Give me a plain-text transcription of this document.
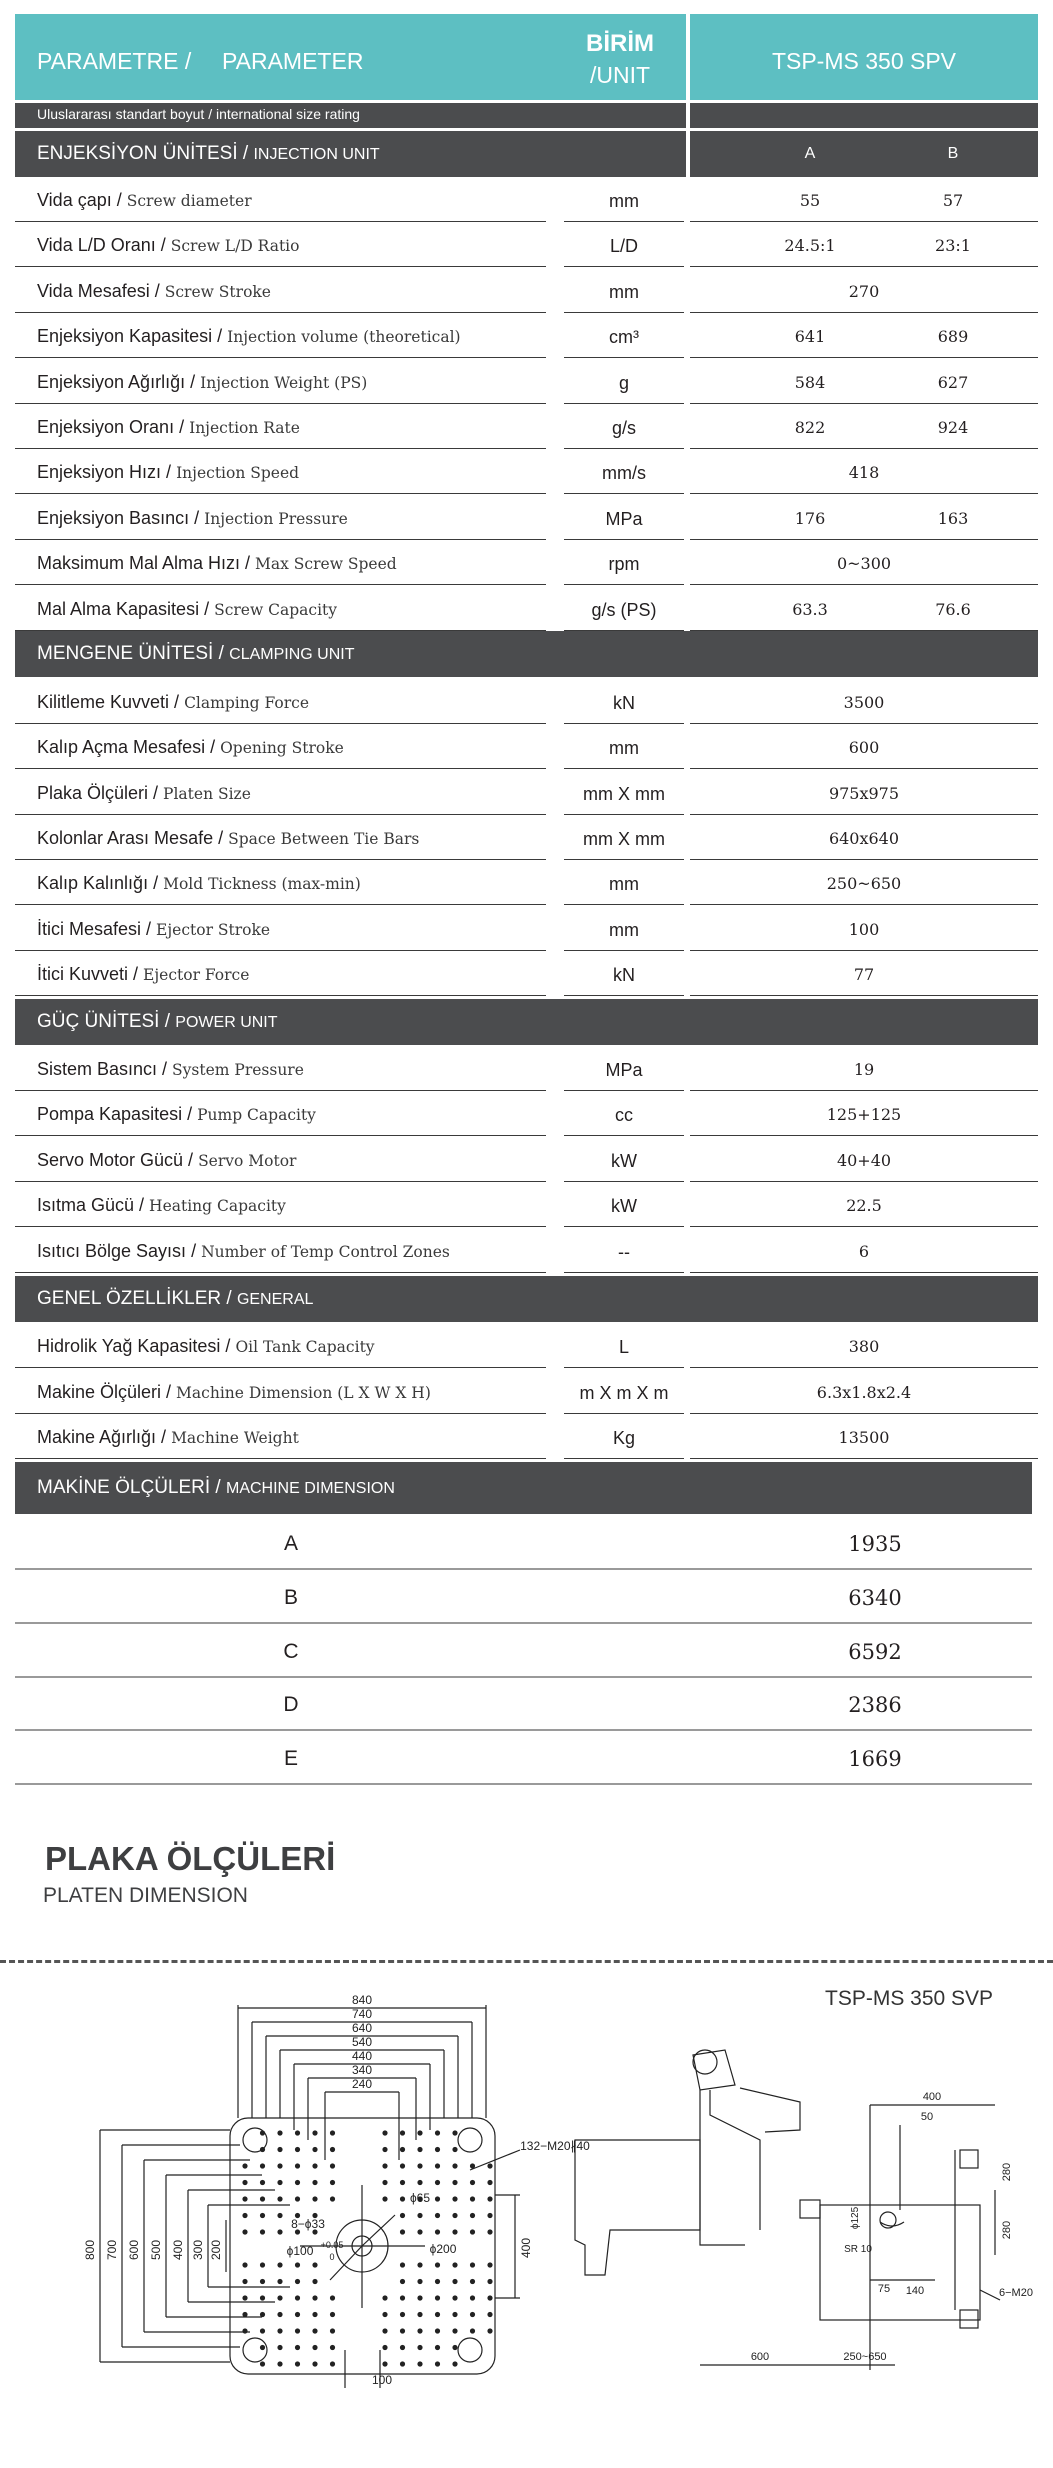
PARAMETRE / PARAMETER
BİRİM
/UNIT
TSP-MS 350 SPV
Uluslararası standart boyut / international size rating
ENJEKSİYON ÜNİTESİ / INJECTION UNIT	A	B
MENGENE ÜNİTESİ / CLAMPING UNIT
GÜÇ ÜNİTESİ / POWER UNIT
GENEL ÖZELLİKLER / GENERAL
MAKİNE ÖLÇÜLERİ / MACHINE DIMENSION
PLAKA ÖLÇÜLERİ
PLATEN DIMENSION
TSP-MS 350 SVP
840
740
640
540
440
340
240
800 700 600 500 400 300 200	400
132−M20∦40
8−ϕ33
ϕ100 +0.05
0
ϕ65
ϕ200
100
400
50
280
280
ϕ125
SR 10
75 140	6−M20
600	250~650
Vida çapı / Screw diameter	mm	55	57
Vida L/D Oranı / Screw L/D Ratio	L/D	24.5:1	23:1
Vida Mesafesi / Screw Stroke	mm	270
Enjeksiyon Kapasitesi / Injection volume (theoretical)	cm³	641	689
Enjeksiyon Ağırlığı / Injection Weight (PS)	g	584	627
Enjeksiyon Oranı / Injection Rate	g/s	822	924
Enjeksiyon Hızı / Injection Speed	mm/s	418
Enjeksiyon Basıncı / Injection Pressure	MPa	176	163
Maksimum Mal Alma Hızı / Max Screw Speed	rpm	0~300
Mal Alma Kapasitesi / Screw Capacity	g/s (PS)	63.3	76.6
Kilitleme Kuvveti / Clamping Force	kN	3500
Kalıp Açma Mesafesi / Opening Stroke	mm	600
Plaka Ölçüleri / Platen Size	mm X mm	975x975
Kolonlar Arası Mesafe / Space Between Tie Bars	mm X mm	640x640
Kalıp Kalınlığı / Mold Tickness (max-min)	mm	250~650
İtici Mesafesi / Ejector Stroke	mm	100
İtici Kuvveti / Ejector Force	kN	77
Sistem Basıncı / System Pressure	MPa	19
Pompa Kapasitesi / Pump Capacity	cc	125+125
Servo Motor Gücü / Servo Motor	kW	40+40
Isıtma Gücü / Heating Capacity	kW	22.5
Isıtıcı Bölge Sayısı / Number of Temp Control Zones	--	6
Hidrolik Yağ Kapasitesi / Oil Tank Capacity	L	380
Makine Ölçüleri / Machine Dimension (L X W X H)	m X m X m	6.3x1.8x2.4
Makine Ağırlığı / Machine Weight	Kg	13500
A	1935
B	6340
C	6592
D	2386
E	1669
